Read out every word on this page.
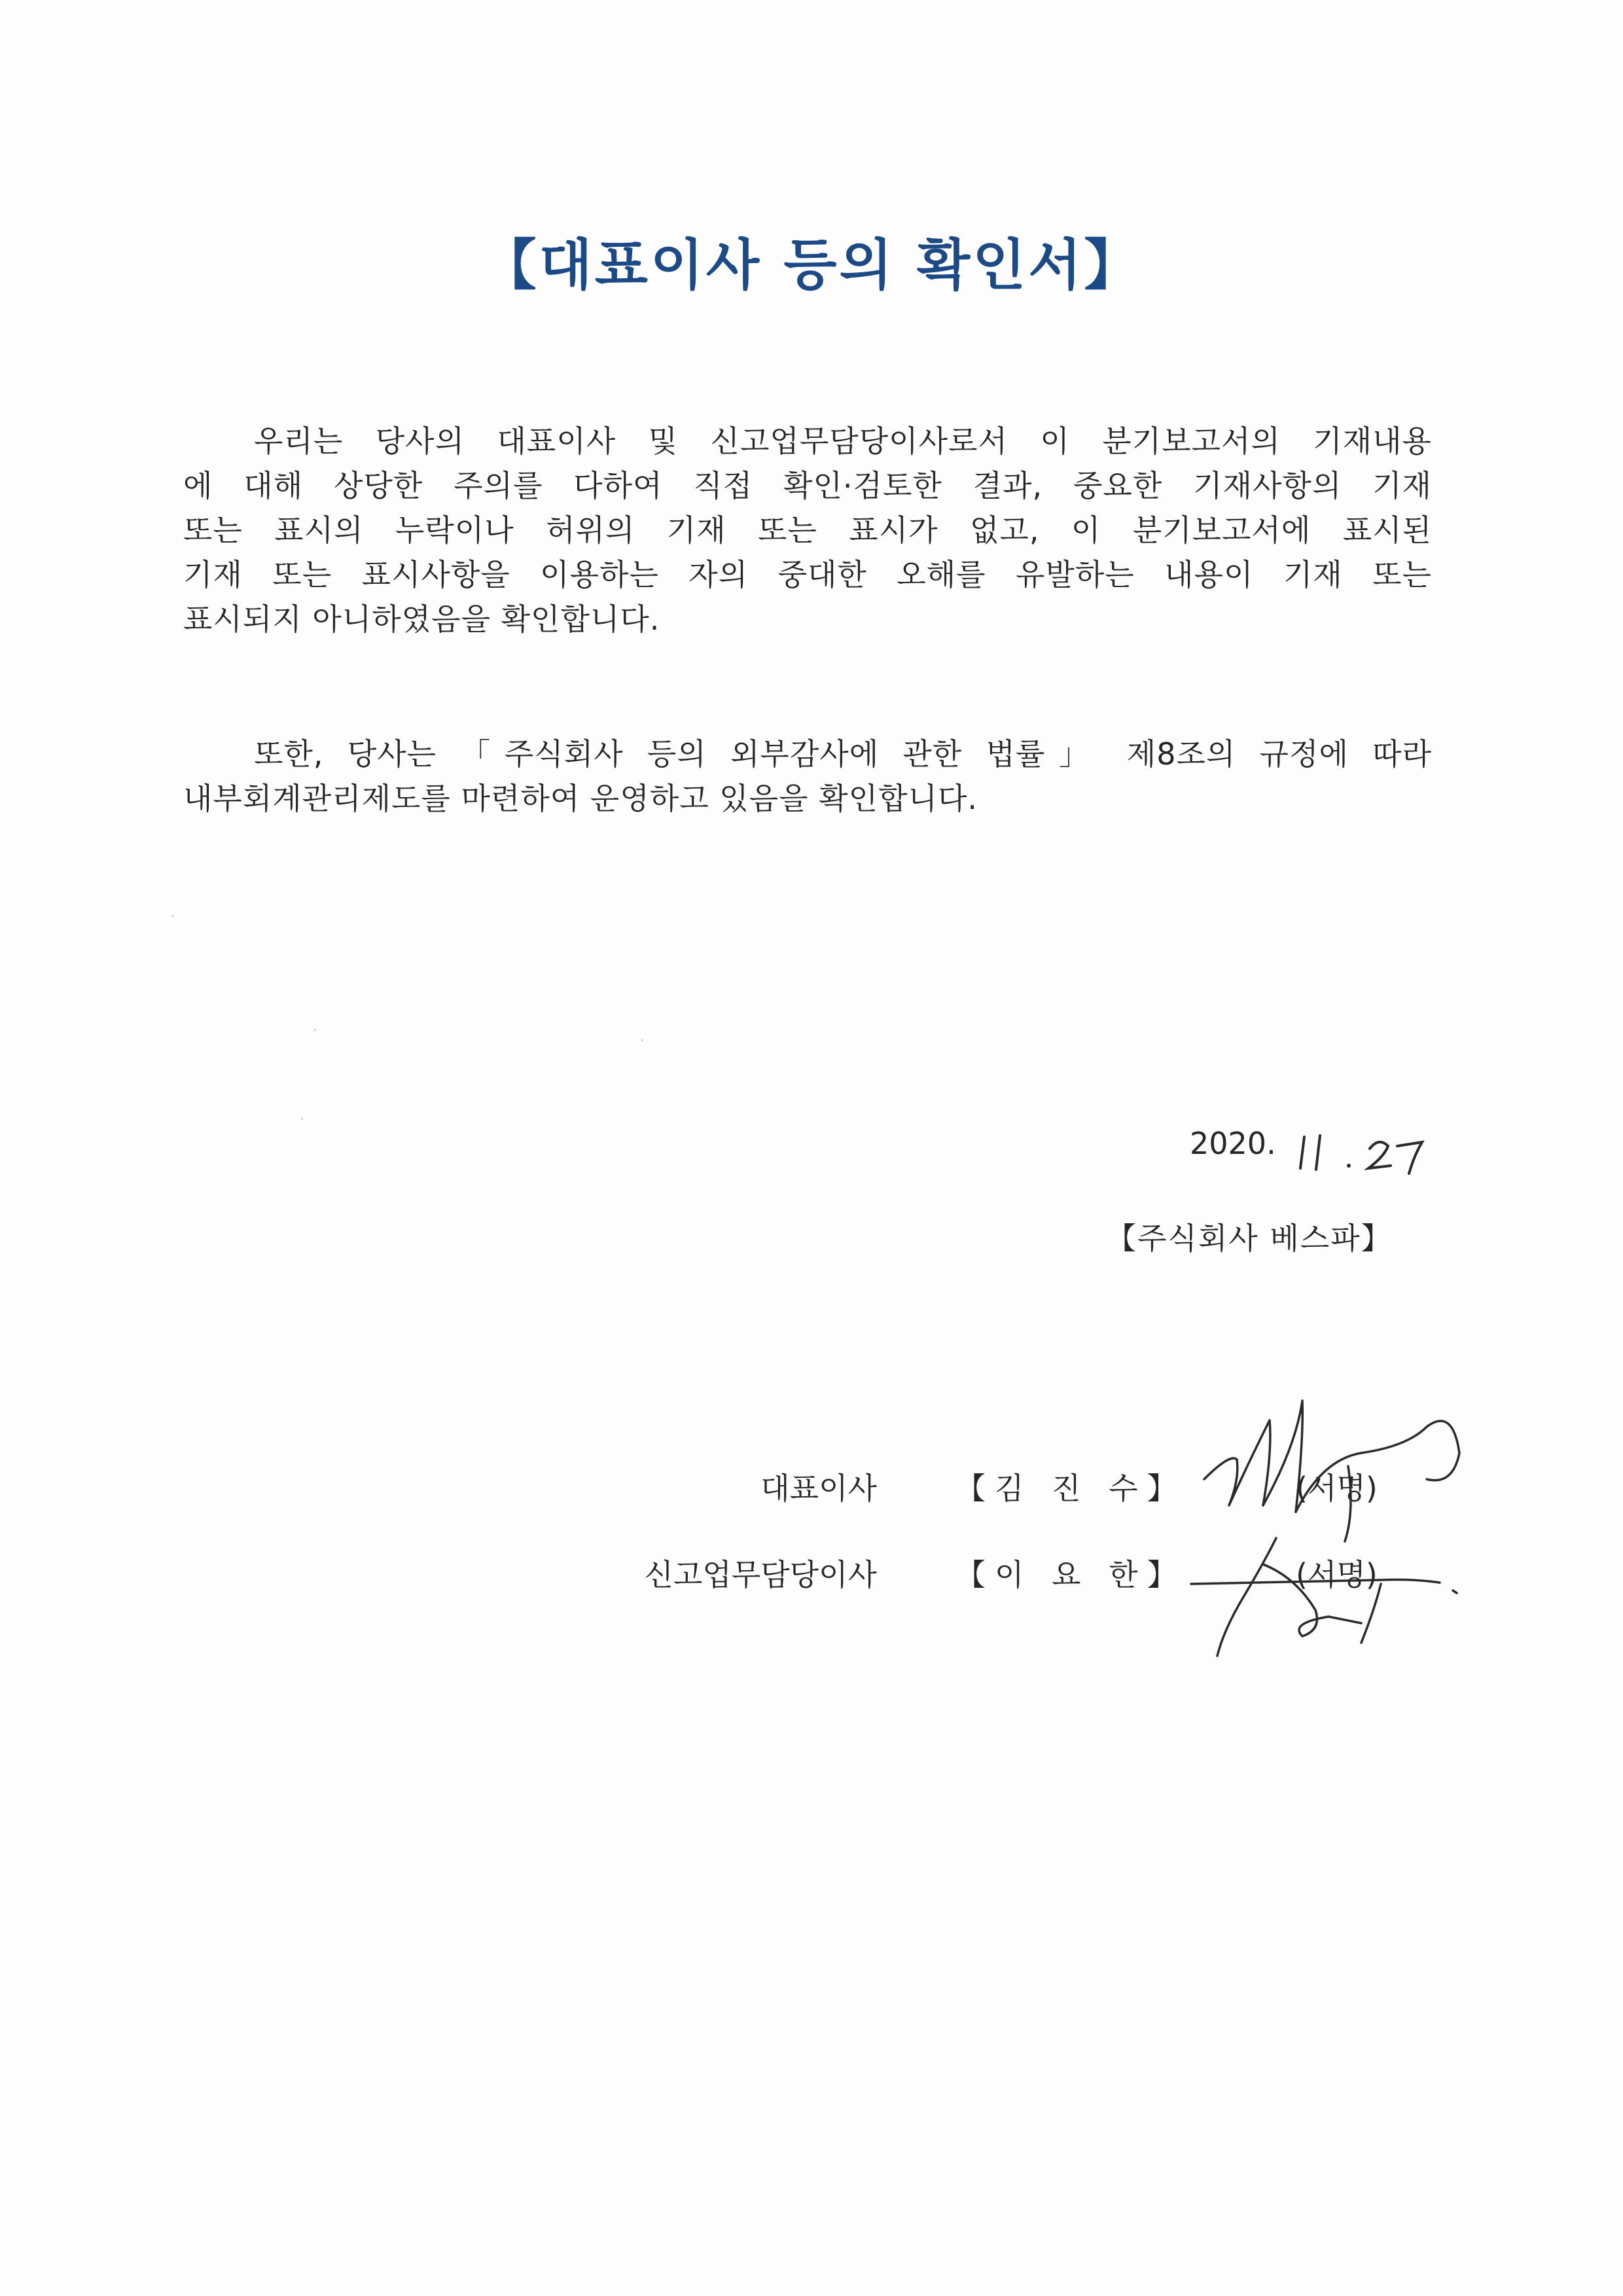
【대표이사 등의 확인서】
우리는 당사의 대표이사 및 신고업무담당이사로서 이 분기보고서의 기재내용
에 대해 상당한 주의를 다하여 직접 확인·검토한 결과, 중요한 기재사항의 기재
또는 표시의 누락이나 허위의 기재 또는 표시가 없고, 이 분기보고서에 표시된
기재 또는 표시사항을 이용하는 자의 중대한 오해를 유발하는 내용이 기재 또는
표시되지 아니하였음을 확인합니다.
또한, 당사는 「주식회사 등의 외부감사에 관한 법률」 제8조의 규정에 따라
내부회계관리제도를 마련하여 운영하고 있음을 확인합니다.
2020.
【주식회사 베스파】
대표이사	【김 진 수】	(서명)
신고업무담당이사	【이 요 한】	(서명)
